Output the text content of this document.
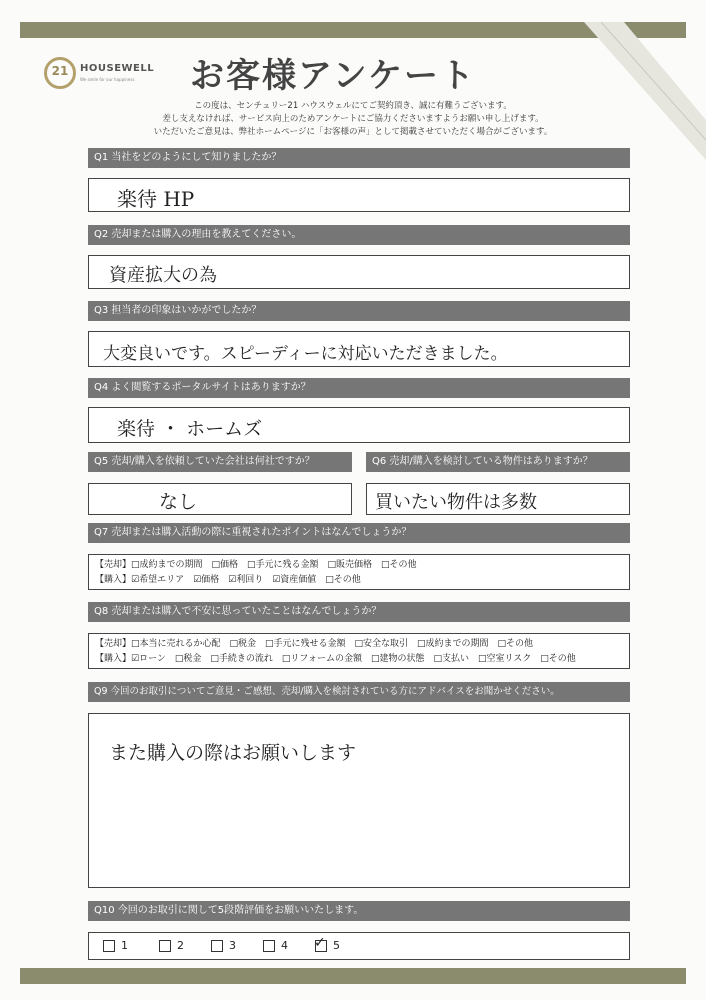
21	HOUSEWELL
We smile for our happiness お客様アンケート
この度は、センチュリー21 ハウスウェルにてご契約頂き、誠に有難うございます。
差し支えなければ、サービス向上のためアンケートにご協力くださいますようお願い申し上げます。
いただいたご意見は、弊社ホームページに「お客様の声」として掲載させていただく場合がございます。
Q1 当社をどのようにして知りましたか？
楽待 HP
Q2 売却または購入の理由を教えてください。
資産拡大の為
Q3 担当者の印象はいかがでしたか？
大変良いです。スピーディーに対応いただきました。
Q4 よく閲覧するポータルサイトはありますか？
楽待 ・ ホームズ
Q5 売却/購入を依頼していた会社は何社ですか？	Q6 売却/購入を検討している物件はありますか？
なし	買いたい物件は多数
Q7 売却または購入活動の際に重視されたポイントはなんでしょうか？
【売却】□成約までの期間　□価格　□手元に残る金額　□販売価格　□その他
【購入】☑希望エリア　☑価格　☑利回り　☑資産価値　□その他
Q8 売却または購入で不安に思っていたことはなんでしょうか？
【売却】□本当に売れるか心配　□税金　□手元に残せる金額　□安全な取引　□成約までの期間　□その他
【購入】☑ローン　□税金　□手続きの流れ　□リフォームの金額　□建物の状態　□支払い　□空室リスク　□その他
Q9 今回のお取引についてご意見・ご感想、売却/購入を検討されている方にアドバイスをお聞かせください。
また購入の際はお願いします
Q10 今回のお取引に関して5段階評価をお願いいたします。
1	2	3	4 ✓ 5
